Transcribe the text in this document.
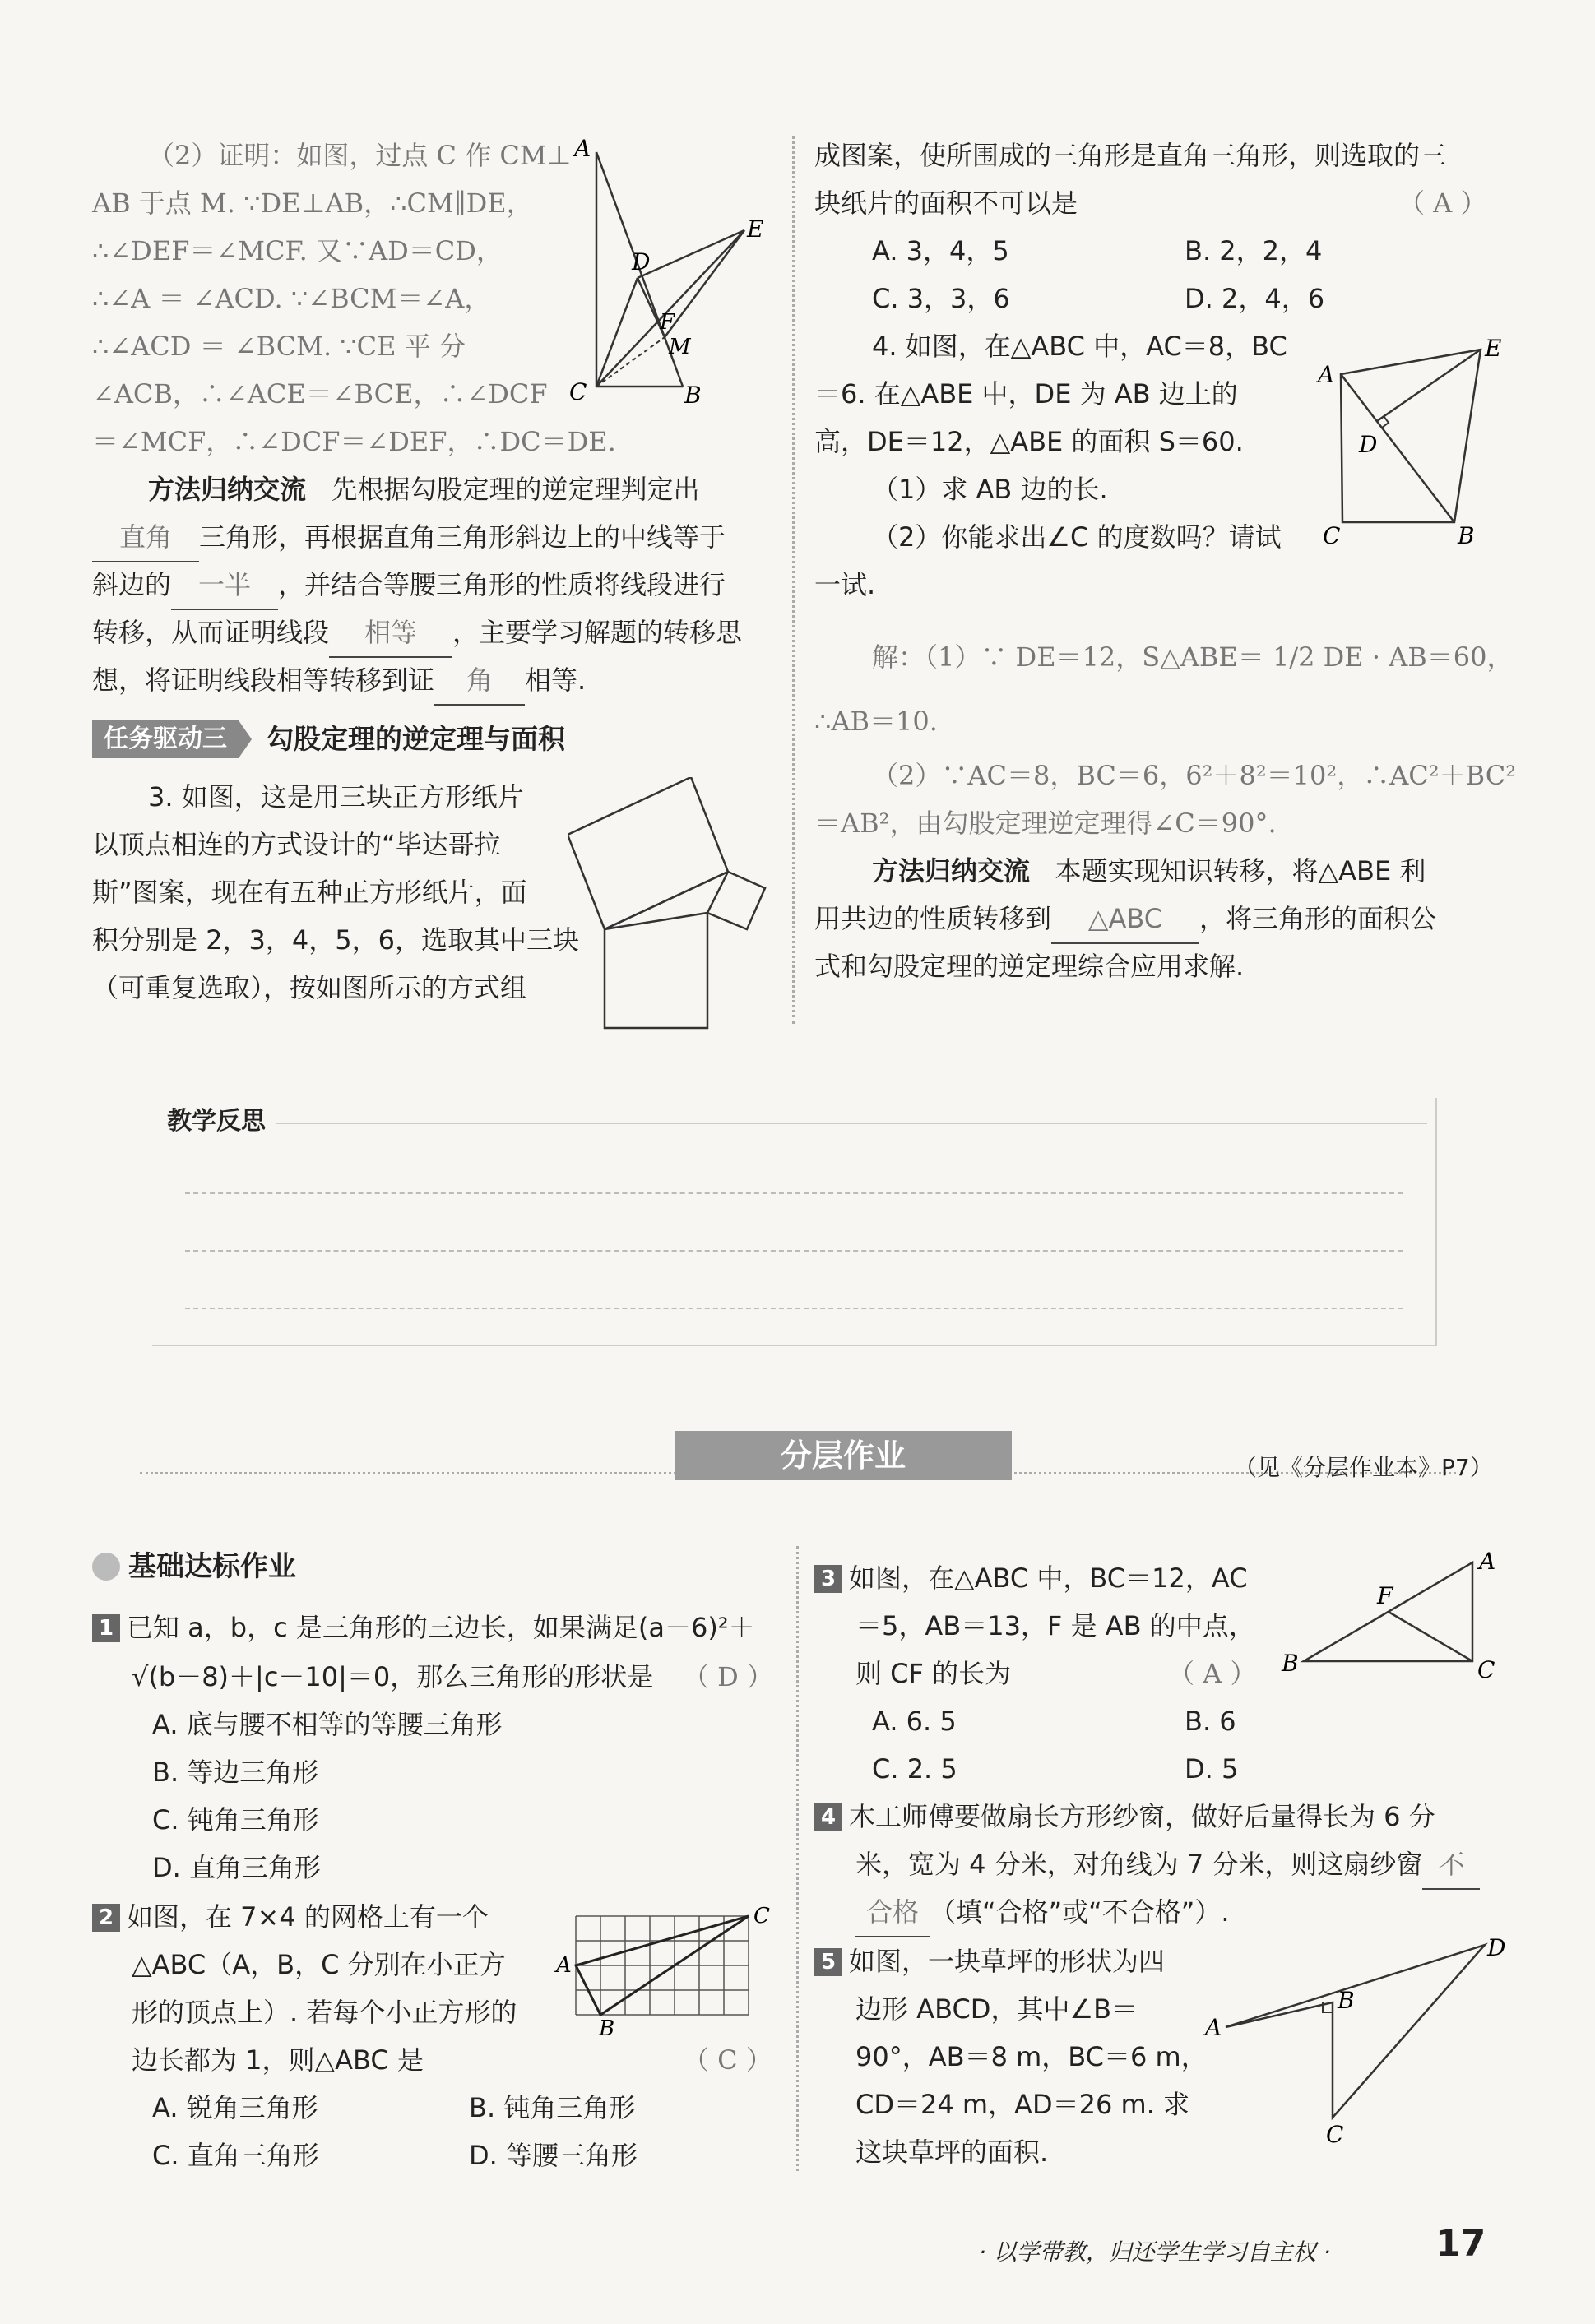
（2）证明：如图，过点 C 作 CM⊥
AB 于点 M. ∵DE⊥AB，∴CM∥DE，
∴∠DEF＝∠MCF. 又∵AD＝CD，
∴∠A ＝ ∠ACD. ∵∠BCM＝∠A，
∴∠ACD ＝ ∠BCM. ∵CE 平 分
∠ACB，∴∠ACE＝∠BCE，∴∠DCF
＝∠MCF，∴∠DCF＝∠DEF，∴DC＝DE.
A
D
E
F
M
C	B
方法归纳交流 先根据勾股定理的逆定理判定出
直角 三角形，再根据直角三角形斜边上的中线等于
斜边的 一半 ，并结合等腰三角形的性质将线段进行
转移，从而证明线段 相等 ，主要学习解题的转移思
想，将证明线段相等转移到证 角 相等.
任务驱动三	勾股定理的逆定理与面积
3. 如图，这是用三块正方形纸片
以顶点相连的方式设计的“毕达哥拉
斯”图案，现在有五种正方形纸片，面
积分别是 2，3，4，5，6，选取其中三块
（可重复选取），按如图所示的方式组
成图案，使所围成的三角形是直角三角形，则选取的三
块纸片的面积不可以是	（ A ）
A. 3，4，5	B. 2，2，4
C. 3，3，6	D. 2，4，6
4. 如图，在△ABC 中，AC＝8，BC
＝6. 在△ABE 中，DE 为 AB 边上的
高，DE＝12，△ABE 的面积 S＝60.
（1）求 AB 边的长.
（2）你能求出∠C 的度数吗？请试
一试.
A
E
D
C	B
解：（1）∵ DE＝12，S△ABE＝ 1/2 DE · AB＝60，
∴AB＝10.
（2）∵AC＝8，BC＝6，6²＋8²＝10²，∴AC²＋BC²
＝AB²，由勾股定理逆定理得∠C＝90°.
方法归纳交流 本题实现知识转移，将△ABE 利
用共边的性质转移到 △ABC ，将三角形的面积公
式和勾股定理的逆定理综合应用求解.
教学反思
分层作业	（见《分层作业本》P7）
基础达标作业
1 已知 a，b，c 是三角形的三边长，如果满足(a－6)²＋
√(b－8)＋|c－10|＝0，那么三角形的形状是 （ D ）
A. 底与腰不相等的等腰三角形
B. 等边三角形
C. 钝角三角形
D. 直角三角形
2 如图，在 7×4 的网格上有一个
△ABC（A，B，C 分别在小正方
形的顶点上）. 若每个小正方形的
边长都为 1，则△ABC 是	（ C ）
A. 锐角三角形	B. 钝角三角形
C. 直角三角形	D. 等腰三角形
A
C
B
3 如图，在△ABC 中，BC＝12，AC
＝5，AB＝13，F 是 AB 的中点，
则 CF 的长为	（ A ）
A. 6. 5	B. 6
C. 2. 5	D. 5
A
F
B	C
4 木工师傅要做扇长方形纱窗，做好后量得长为 6 分
米，宽为 4 分米，对角线为 7 分米，则这扇纱窗 不
合格 （填“合格”或“不合格”）.
5 如图，一块草坪的形状为四
边形 ABCD，其中∠B＝
90°，AB＝8 m，BC＝6 m，
CD＝24 m，AD＝26 m. 求
这块草坪的面积.
A
B
C
D
· 以学带教，归还学生学习自主权 ·	17
